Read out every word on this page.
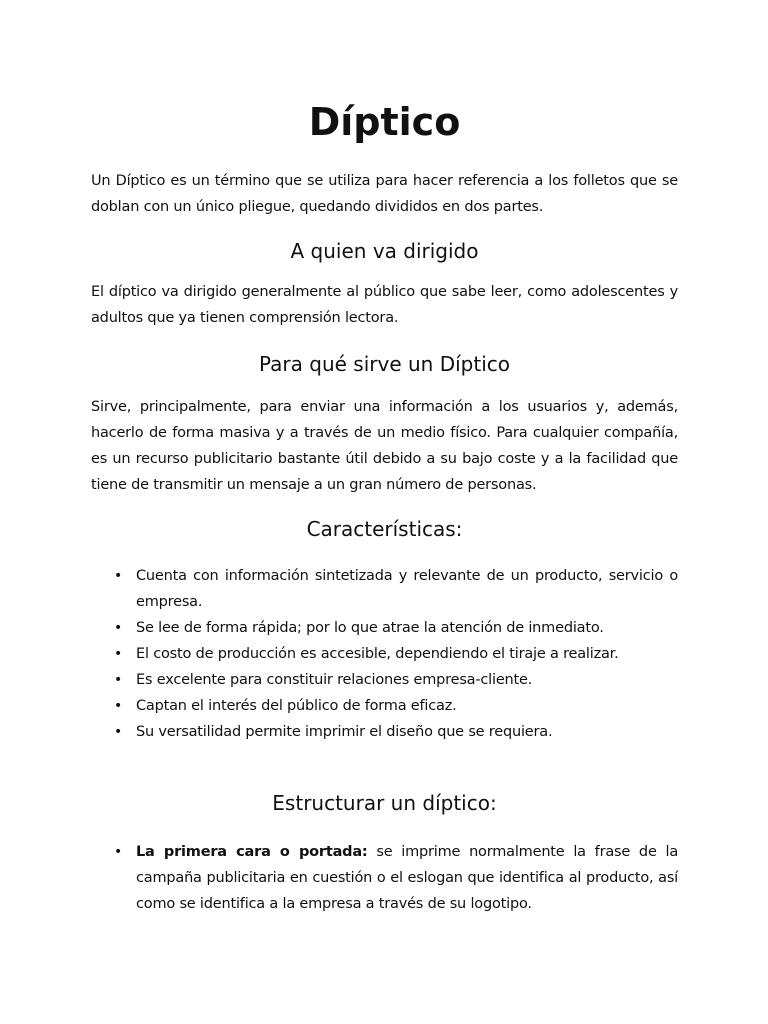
Díptico

Un Díptico es un término que se utiliza para hacer referencia a los folletos que se doblan con un único pliegue, quedando divididos en dos partes.

A quien va dirigido

El díptico va dirigido generalmente al público que sabe leer, como adolescentes y adultos que ya tienen comprensión lectora.

Para qué sirve un Díptico

Sirve, principalmente, para enviar una información a los usuarios y, además, hacerlo de forma masiva y a través de un medio físico. Para cualquier compañía, es un recurso publicitario bastante útil debido a su bajo coste y a la facilidad que tiene de transmitir un mensaje a un gran número de personas.

Características:
• Cuenta con información sintetizada y relevante de un producto, servicio o empresa.
• Se lee de forma rápida; por lo que atrae la atención de inmediato.
• El costo de producción es accesible, dependiendo el tiraje a realizar.
• Es excelente para constituir relaciones empresa-cliente.
• Captan el interés del público de forma eficaz.
• Su versatilidad permite imprimir el diseño que se requiera.
Estructurar un díptico:
• La primera cara o portada: se imprime normalmente la frase de la campaña publicitaria en cuestión o el eslogan que identifica al producto, así como se identifica a la empresa a través de su logotipo.
